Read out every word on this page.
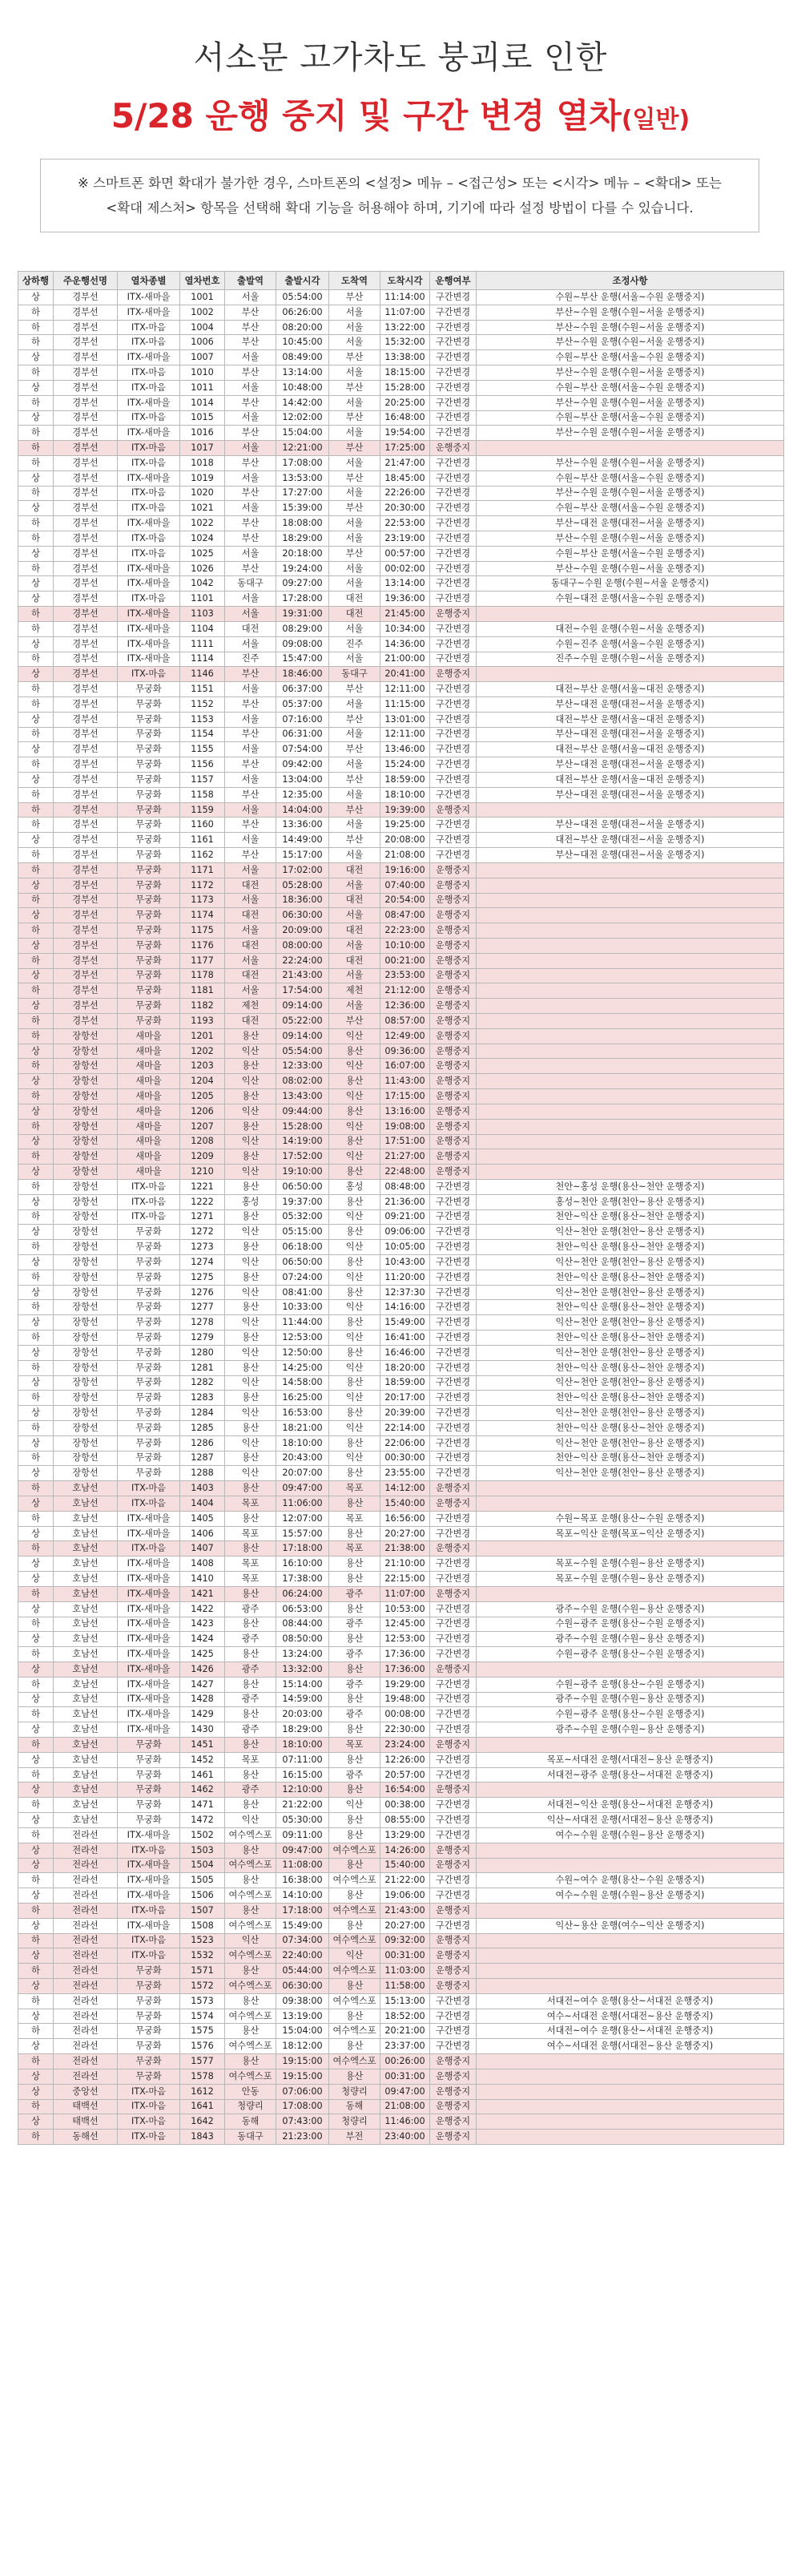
서소문 고가차도 붕괴로 인한
5/28 운행 중지 및 구간 변경 열차(일반)
※ 스마트폰 화면 확대가 불가한 경우, 스마트폰의 <설정> 메뉴 – <접근성> 또는 <시각> 메뉴 – <확대> 또는
<확대 제스처> 항목을 선택해 확대 기능을 허용해야 하며, 기기에 따라 설정 방법이 다를 수 있습니다.
상하행	주운행선명	열차종별	열차번호	출발역	출발시각	도착역	도착시각	운행여부	조정사항
상	경부선	ITX-새마을	1001	서울	05:54:00	부산	11:14:00	구간변경	수원~부산 운행(서울~수원 운행중지)
하	경부선	ITX-새마을	1002	부산	06:26:00	서울	11:07:00	구간변경	부산~수원 운행(수원~서울 운행중지)
하	경부선	ITX-마음	1004	부산	08:20:00	서울	13:22:00	구간변경	부산~수원 운행(수원~서울 운행중지)
하	경부선	ITX-마음	1006	부산	10:45:00	서울	15:32:00	구간변경	부산~수원 운행(수원~서울 운행중지)
상	경부선	ITX-새마을	1007	서울	08:49:00	부산	13:38:00	구간변경	수원~부산 운행(서울~수원 운행중지)
하	경부선	ITX-마음	1010	부산	13:14:00	서울	18:15:00	구간변경	부산~수원 운행(수원~서울 운행중지)
상	경부선	ITX-마음	1011	서울	10:48:00	부산	15:28:00	구간변경	수원~부산 운행(서울~수원 운행중지)
하	경부선	ITX-새마을	1014	부산	14:42:00	서울	20:25:00	구간변경	부산~수원 운행(수원~서울 운행중지)
상	경부선	ITX-마음	1015	서울	12:02:00	부산	16:48:00	구간변경	수원~부산 운행(서울~수원 운행중지)
하	경부선	ITX-새마을	1016	부산	15:04:00	서울	19:54:00	구간변경	부산~수원 운행(수원~서울 운행중지)
하	경부선	ITX-마음	1017	서울	12:21:00	부산	17:25:00	운행중지	
하	경부선	ITX-마음	1018	부산	17:08:00	서울	21:47:00	구간변경	부산~수원 운행(수원~서울 운행중지)
상	경부선	ITX-새마을	1019	서울	13:53:00	부산	18:45:00	구간변경	수원~부산 운행(서울~수원 운행중지)
하	경부선	ITX-마음	1020	부산	17:27:00	서울	22:26:00	구간변경	부산~수원 운행(수원~서울 운행중지)
상	경부선	ITX-마음	1021	서울	15:39:00	부산	20:30:00	구간변경	수원~부산 운행(서울~수원 운행중지)
하	경부선	ITX-새마을	1022	부산	18:08:00	서울	22:53:00	구간변경	부산~대전 운행(대전~서울 운행중지)
하	경부선	ITX-마음	1024	부산	18:29:00	서울	23:19:00	구간변경	부산~수원 운행(수원~서울 운행중지)
상	경부선	ITX-마음	1025	서울	20:18:00	부산	00:57:00	구간변경	수원~부산 운행(서울~수원 운행중지)
하	경부선	ITX-새마을	1026	부산	19:24:00	서울	00:02:00	구간변경	부산~수원 운행(수원~서울 운행중지)
상	경부선	ITX-새마을	1042	동대구	09:27:00	서울	13:14:00	구간변경	동대구~수원 운행(수원~서울 운행중지)
상	경부선	ITX-마음	1101	서울	17:28:00	대전	19:36:00	구간변경	수원~대전 운행(서울~수원 운행중지)
하	경부선	ITX-새마을	1103	서울	19:31:00	대전	21:45:00	운행중지	
하	경부선	ITX-새마을	1104	대전	08:29:00	서울	10:34:00	구간변경	대전~수원 운행(수원~서울 운행중지)
상	경부선	ITX-새마을	1111	서울	09:08:00	진주	14:36:00	구간변경	수원~진주 운행(서울~수원 운행중지)
하	경부선	ITX-새마을	1114	진주	15:47:00	서울	21:00:00	구간변경	진주~수원 운행(수원~서울 운행중지)
상	경부선	ITX-마음	1146	부산	18:46:00	동대구	20:41:00	운행중지	
하	경부선	무궁화	1151	서울	06:37:00	부산	12:11:00	구간변경	대전~부산 운행(서울~대전 운행중지)
하	경부선	무궁화	1152	부산	05:37:00	서울	11:15:00	구간변경	부산~대전 운행(대전~서울 운행중지)
상	경부선	무궁화	1153	서울	07:16:00	부산	13:01:00	구간변경	대전~부산 운행(서울~대전 운행중지)
하	경부선	무궁화	1154	부산	06:31:00	서울	12:11:00	구간변경	부산~대전 운행(대전~서울 운행중지)
상	경부선	무궁화	1155	서울	07:54:00	부산	13:46:00	구간변경	대전~부산 운행(서울~대전 운행중지)
하	경부선	무궁화	1156	부산	09:42:00	서울	15:24:00	구간변경	부산~대전 운행(대전~서울 운행중지)
상	경부선	무궁화	1157	서울	13:04:00	부산	18:59:00	구간변경	대전~부산 운행(서울~대전 운행중지)
하	경부선	무궁화	1158	부산	12:35:00	서울	18:10:00	구간변경	부산~대전 운행(대전~서울 운행중지)
하	경부선	무궁화	1159	서울	14:04:00	부산	19:39:00	운행중지	
하	경부선	무궁화	1160	부산	13:36:00	서울	19:25:00	구간변경	부산~대전 운행(대전~서울 운행중지)
상	경부선	무궁화	1161	서울	14:49:00	부산	20:08:00	구간변경	대전~부산 운행(대전~서울 운행중지)
하	경부선	무궁화	1162	부산	15:17:00	서울	21:08:00	구간변경	부산~대전 운행(대전~서울 운행중지)
하	경부선	무궁화	1171	서울	17:02:00	대전	19:16:00	운행중지	
상	경부선	무궁화	1172	대전	05:28:00	서울	07:40:00	운행중지	
하	경부선	무궁화	1173	서울	18:36:00	대전	20:54:00	운행중지	
상	경부선	무궁화	1174	대전	06:30:00	서울	08:47:00	운행중지	
하	경부선	무궁화	1175	서울	20:09:00	대전	22:23:00	운행중지	
상	경부선	무궁화	1176	대전	08:00:00	서울	10:10:00	운행중지	
하	경부선	무궁화	1177	서울	22:24:00	대전	00:21:00	운행중지	
상	경부선	무궁화	1178	대전	21:43:00	서울	23:53:00	운행중지	
하	경부선	무궁화	1181	서울	17:54:00	제천	21:12:00	운행중지	
상	경부선	무궁화	1182	제천	09:14:00	서울	12:36:00	운행중지	
하	경부선	무궁화	1193	대전	05:22:00	부산	08:57:00	운행중지	
하	장항선	새마을	1201	용산	09:14:00	익산	12:49:00	운행중지	
상	장항선	새마을	1202	익산	05:54:00	용산	09:36:00	운행중지	
하	장항선	새마을	1203	용산	12:33:00	익산	16:07:00	운행중지	
상	장항선	새마을	1204	익산	08:02:00	용산	11:43:00	운행중지	
하	장항선	새마을	1205	용산	13:43:00	익산	17:15:00	운행중지	
상	장항선	새마을	1206	익산	09:44:00	용산	13:16:00	운행중지	
하	장항선	새마을	1207	용산	15:28:00	익산	19:08:00	운행중지	
상	장항선	새마을	1208	익산	14:19:00	용산	17:51:00	운행중지	
하	장항선	새마을	1209	용산	17:52:00	익산	21:27:00	운행중지	
상	장항선	새마을	1210	익산	19:10:00	용산	22:48:00	운행중지	
하	장항선	ITX-마음	1221	용산	06:50:00	홍성	08:48:00	구간변경	천안~홍성 운행(용산~천안 운행중지)
상	장항선	ITX-마음	1222	홍성	19:37:00	용산	21:36:00	구간변경	홍성~천안 운행(천안~용산 운행중지)
하	장항선	ITX-마음	1271	용산	05:32:00	익산	09:21:00	구간변경	천안~익산 운행(용산~천안 운행중지)
상	장항선	무궁화	1272	익산	05:15:00	용산	09:06:00	구간변경	익산~천안 운행(천안~용산 운행중지)
하	장항선	무궁화	1273	용산	06:18:00	익산	10:05:00	구간변경	천안~익산 운행(용산~천안 운행중지)
상	장항선	무궁화	1274	익산	06:50:00	용산	10:43:00	구간변경	익산~천안 운행(천안~용산 운행중지)
하	장항선	무궁화	1275	용산	07:24:00	익산	11:20:00	구간변경	천안~익산 운행(용산~천안 운행중지)
상	장항선	무궁화	1276	익산	08:41:00	용산	12:37:30	구간변경	익산~천안 운행(천안~용산 운행중지)
하	장항선	무궁화	1277	용산	10:33:00	익산	14:16:00	구간변경	천안~익산 운행(용산~천안 운행중지)
상	장항선	무궁화	1278	익산	11:44:00	용산	15:49:00	구간변경	익산~천안 운행(천안~용산 운행중지)
하	장항선	무궁화	1279	용산	12:53:00	익산	16:41:00	구간변경	천안~익산 운행(용산~천안 운행중지)
상	장항선	무궁화	1280	익산	12:50:00	용산	16:46:00	구간변경	익산~천안 운행(천안~용산 운행중지)
하	장항선	무궁화	1281	용산	14:25:00	익산	18:20:00	구간변경	천안~익산 운행(용산~천안 운행중지)
상	장항선	무궁화	1282	익산	14:58:00	용산	18:59:00	구간변경	익산~천안 운행(천안~용산 운행중지)
하	장항선	무궁화	1283	용산	16:25:00	익산	20:17:00	구간변경	천안~익산 운행(용산~천안 운행중지)
상	장항선	무궁화	1284	익산	16:53:00	용산	20:39:00	구간변경	익산~천안 운행(천안~용산 운행중지)
하	장항선	무궁화	1285	용산	18:21:00	익산	22:14:00	구간변경	천안~익산 운행(용산~천안 운행중지)
상	장항선	무궁화	1286	익산	18:10:00	용산	22:06:00	구간변경	익산~천안 운행(천안~용산 운행중지)
하	장항선	무궁화	1287	용산	20:43:00	익산	00:30:00	구간변경	천안~익산 운행(용산~천안 운행중지)
상	장항선	무궁화	1288	익산	20:07:00	용산	23:55:00	구간변경	익산~천안 운행(천안~용산 운행중지)
하	호남선	ITX-마음	1403	용산	09:47:00	목포	14:12:00	운행중지	
상	호남선	ITX-마음	1404	목포	11:06:00	용산	15:40:00	운행중지	
하	호남선	ITX-새마을	1405	용산	12:07:00	목포	16:56:00	구간변경	수원~목포 운행(용산~수원 운행중지)
상	호남선	ITX-새마을	1406	목포	15:57:00	용산	20:27:00	구간변경	목포~익산 운행(목포~익산 운행중지)
하	호남선	ITX-마음	1407	용산	17:18:00	목포	21:38:00	운행중지	
상	호남선	ITX-새마을	1408	목포	16:10:00	용산	21:10:00	구간변경	목포~수원 운행(수원~용산 운행중지)
상	호남선	ITX-새마을	1410	목포	17:38:00	용산	22:15:00	구간변경	목포~수원 운행(수원~용산 운행중지)
하	호남선	ITX-새마을	1421	용산	06:24:00	광주	11:07:00	운행중지	
상	호남선	ITX-새마을	1422	광주	06:53:00	용산	10:53:00	구간변경	광주~수원 운행(수원~용산 운행중지)
하	호남선	ITX-새마을	1423	용산	08:44:00	광주	12:45:00	구간변경	수원~광주 운행(용산~수원 운행중지)
상	호남선	ITX-새마을	1424	광주	08:50:00	용산	12:53:00	구간변경	광주~수원 운행(수원~용산 운행중지)
하	호남선	ITX-새마을	1425	용산	13:24:00	광주	17:36:00	구간변경	수원~광주 운행(용산~수원 운행중지)
상	호남선	ITX-새마을	1426	광주	13:32:00	용산	17:36:00	운행중지	
하	호남선	ITX-새마을	1427	용산	15:14:00	광주	19:29:00	구간변경	수원~광주 운행(용산~수원 운행중지)
상	호남선	ITX-새마을	1428	광주	14:59:00	용산	19:48:00	구간변경	광주~수원 운행(수원~용산 운행중지)
하	호남선	ITX-새마을	1429	용산	20:03:00	광주	00:08:00	구간변경	수원~광주 운행(용산~수원 운행중지)
상	호남선	ITX-새마을	1430	광주	18:29:00	용산	22:30:00	구간변경	광주~수원 운행(수원~용산 운행중지)
하	호남선	무궁화	1451	용산	18:10:00	목포	23:24:00	운행중지	
상	호남선	무궁화	1452	목포	07:11:00	용산	12:26:00	구간변경	목포~서대전 운행(서대전~용산 운행중지)
하	호남선	무궁화	1461	용산	16:15:00	광주	20:57:00	구간변경	서대전~광주 운행(용산~서대전 운행중지)
상	호남선	무궁화	1462	광주	12:10:00	용산	16:54:00	운행중지	
하	호남선	무궁화	1471	용산	21:22:00	익산	00:38:00	구간변경	서대전~익산 운행(용산~서대전 운행중지)
상	호남선	무궁화	1472	익산	05:30:00	용산	08:55:00	구간변경	익산~서대전 운행(서대전~용산 운행중지)
하	전라선	ITX-새마을	1502	여수엑스포	09:11:00	용산	13:29:00	구간변경	여수~수원 운행(수원~용산 운행중지)
상	전라선	ITX-마음	1503	용산	09:47:00	여수엑스포	14:26:00	운행중지	
상	전라선	ITX-새마을	1504	여수엑스포	11:08:00	용산	15:40:00	운행중지	
하	전라선	ITX-새마을	1505	용산	16:38:00	여수엑스포	21:22:00	구간변경	수원~여수 운행(용산~수원 운행중지)
상	전라선	ITX-새마을	1506	여수엑스포	14:10:00	용산	19:06:00	구간변경	여수~수원 운행(수원~용산 운행중지)
하	전라선	ITX-마음	1507	용산	17:18:00	여수엑스포	21:43:00	운행중지	
상	전라선	ITX-새마을	1508	여수엑스포	15:49:00	용산	20:27:00	구간변경	익산~용산 운행(여수~익산 운행중지)
하	전라선	ITX-마음	1523	익산	07:34:00	여수엑스포	09:32:00	운행중지	
상	전라선	ITX-마음	1532	여수엑스포	22:40:00	익산	00:31:00	운행중지	
하	전라선	무궁화	1571	용산	05:44:00	여수엑스포	11:03:00	운행중지	
상	전라선	무궁화	1572	여수엑스포	06:30:00	용산	11:58:00	운행중지	
하	전라선	무궁화	1573	용산	09:38:00	여수엑스포	15:13:00	구간변경	서대전~여수 운행(용산~서대전 운행중지)
상	전라선	무궁화	1574	여수엑스포	13:19:00	용산	18:52:00	구간변경	여수~서대전 운행(서대전~용산 운행중지)
하	전라선	무궁화	1575	용산	15:04:00	여수엑스포	20:21:00	구간변경	서대전~여수 운행(용산~서대전 운행중지)
상	전라선	무궁화	1576	여수엑스포	18:12:00	용산	23:37:00	구간변경	여수~서대전 운행(서대전~용산 운행중지)
하	전라선	무궁화	1577	용산	19:15:00	여수엑스포	00:26:00	운행중지	
상	전라선	무궁화	1578	여수엑스포	19:15:00	용산	00:31:00	운행중지	
상	중앙선	ITX-마음	1612	안동	07:06:00	청량리	09:47:00	운행중지	
하	태백선	ITX-마음	1641	청량리	17:08:00	동해	21:08:00	운행중지	
상	태백선	ITX-마음	1642	동해	07:43:00	청량리	11:46:00	운행중지	
하	동해선	ITX-마음	1843	동대구	21:23:00	부전	23:40:00	운행중지	
